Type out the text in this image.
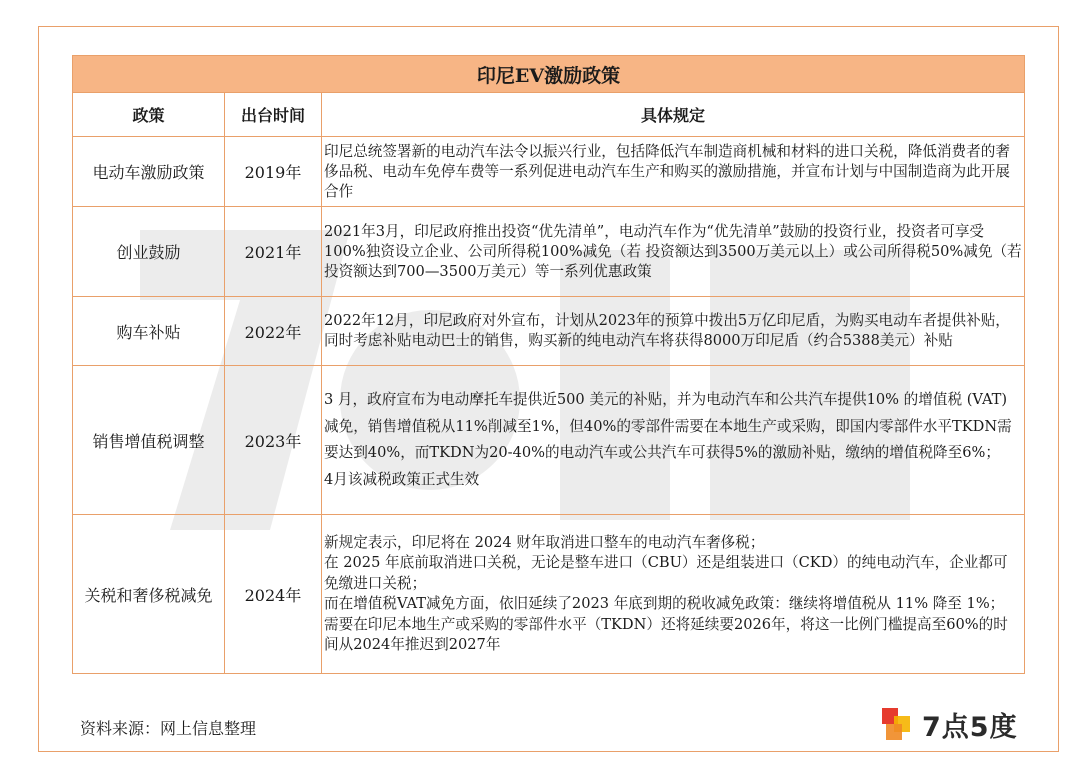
印尼EV激励政策		
政策	出台时间	具体规定
电动车激励政策	2019年	印尼总统签署新的电动汽车法令以振兴行业，包括降低汽车制造商机械和材料的进口关税，降低消费者的奢侈品税、电动车免停车费等一系列促进电动汽车生产和购买的激励措施，并宣布计划与中国制造商为此开展合作

创业鼓励	2021年	2021年3月，印尼政府推出投资“优先清单”，电动汽车作为“优先清单”鼓励的投资行业，投资者可享受100%独资设立企业、公司所得税100%减免（若 投资额达到3500万美元以上）或公司所得税50%减免（若投资额达到700—3500万美元）等一系列优惠政策

购车补贴	2022年	2022年12月，印尼政府对外宣布，计划从2023年的预算中拨出5万亿印尼盾，为购买电动车者提供补贴，同时考虑补贴电动巴士的销售，购买新的纯电动汽车将获得8000万印尼盾（约合5388美元）补贴

销售增值税调整	2023年	3 月，政府宣布为电动摩托车提供近500 美元的补贴，并为电动汽车和公共汽车提供10% 的增值税 (VAT) 减免，销售增值税从11%削减至1%，但40%的零部件需要在本地生产或采购，即国内零部件水平TKDN需要达到40%，而TKDN为20-40%的电动汽车或公共汽车可获得5%的激励补贴，缴纳的增值税降至6%；
4月该减税政策正式生效

关税和奢侈税减免	2024年	新规定表示，印尼将在 2024 财年取消进口整车的电动汽车奢侈税；
在 2025 年底前取消进口关税，无论是整车进口（CBU）还是组装进口（CKD）的纯电动汽车，企业都可免缴进口关税；
而在增值税VAT减免方面，依旧延续了2023 年底到期的税收减免政策：继续将增值税从 11% 降至 1%；
需要在印尼本地生产或采购的零部件水平（TKDN）还将延续要2026年，将这一比例门槛提高至60%的时间从2024年推迟到2027年
资料来源：网上信息整理	7点5度
